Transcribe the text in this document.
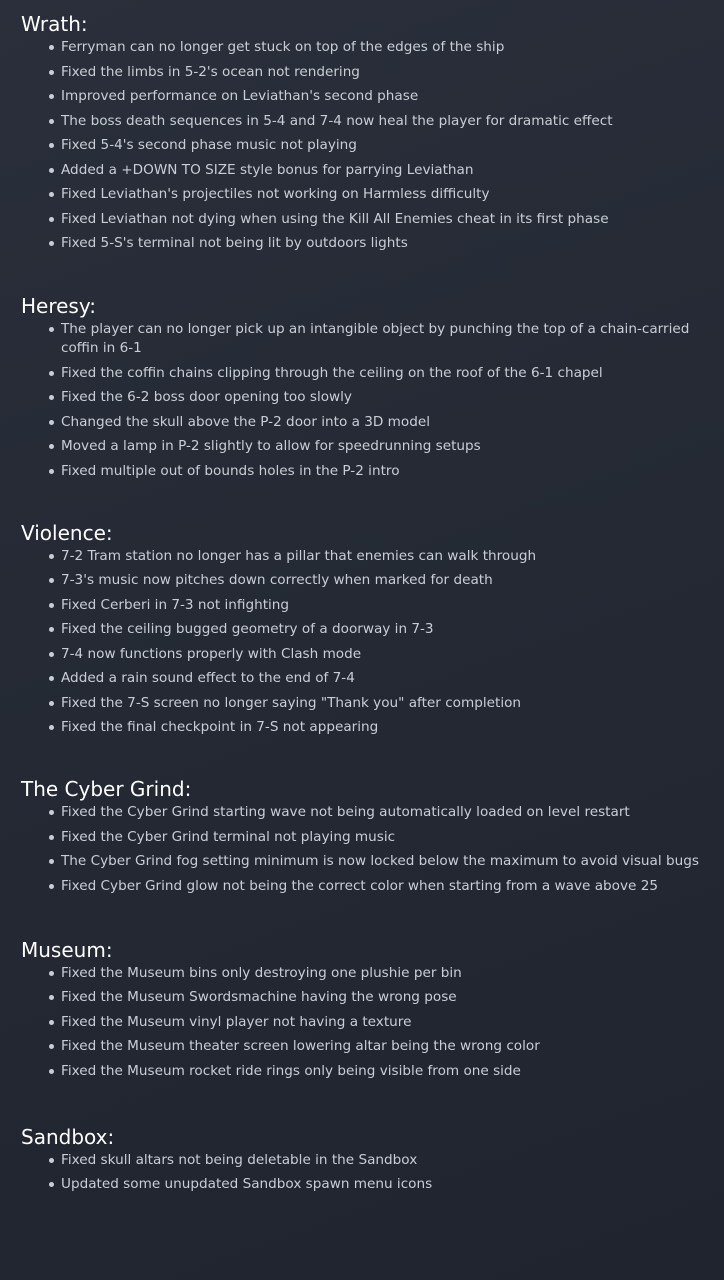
Wrath:
Ferryman can no longer get stuck on top of the edges of the ship
Fixed the limbs in 5-2's ocean not rendering
Improved performance on Leviathan's second phase
The boss death sequences in 5-4 and 7-4 now heal the player for dramatic effect
Fixed 5-4's second phase music not playing
Added a +DOWN TO SIZE style bonus for parrying Leviathan
Fixed Leviathan's projectiles not working on Harmless difficulty
Fixed Leviathan not dying when using the Kill All Enemies cheat in its first phase
Fixed 5-S's terminal not being lit by outdoors lights
Heresy:
The player can no longer pick up an intangible object by punching the top of a chain-carried coffin in 6-1
Fixed the coffin chains clipping through the ceiling on the roof of the 6-1 chapel
Fixed the 6-2 boss door opening too slowly
Changed the skull above the P-2 door into a 3D model
Moved a lamp in P-2 slightly to allow for speedrunning setups
Fixed multiple out of bounds holes in the P-2 intro
Violence:
7-2 Tram station no longer has a pillar that enemies can walk through
7-3's music now pitches down correctly when marked for death
Fixed Cerberi in 7-3 not infighting
Fixed the ceiling bugged geometry of a doorway in 7-3
7-4 now functions properly with Clash mode
Added a rain sound effect to the end of 7-4
Fixed the 7-S screen no longer saying "Thank you" after completion
Fixed the final checkpoint in 7-S not appearing
The Cyber Grind:
Fixed the Cyber Grind starting wave not being automatically loaded on level restart
Fixed the Cyber Grind terminal not playing music
The Cyber Grind fog setting minimum is now locked below the maximum to avoid visual bugs
Fixed Cyber Grind glow not being the correct color when starting from a wave above 25
Museum:
Fixed the Museum bins only destroying one plushie per bin
Fixed the Museum Swordsmachine having the wrong pose
Fixed the Museum vinyl player not having a texture
Fixed the Museum theater screen lowering altar being the wrong color
Fixed the Museum rocket ride rings only being visible from one side
Sandbox:
Fixed skull altars not being deletable in the Sandbox
Updated some unupdated Sandbox spawn menu icons
